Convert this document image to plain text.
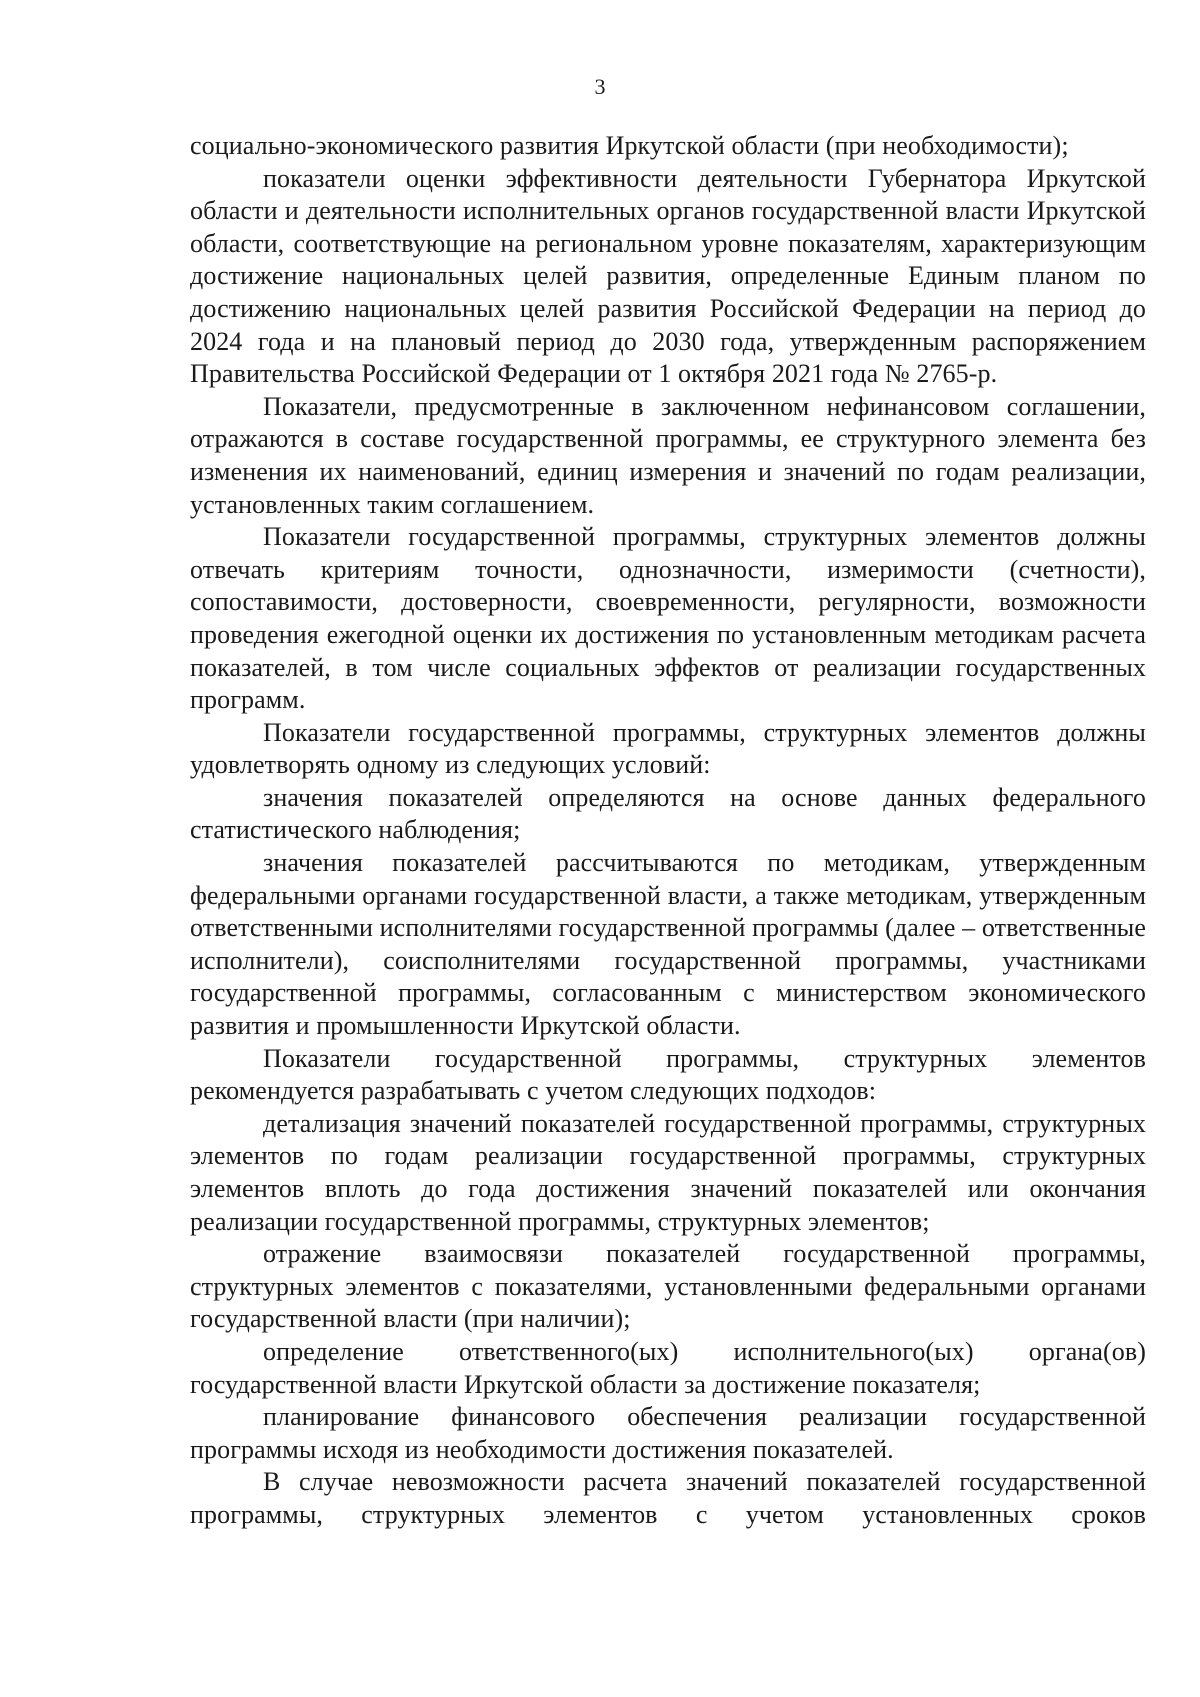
3

социально-экономического развития Иркутской области (при необходимости);

показатели оценки эффективности деятельности Губернатора Иркутской области и деятельности исполнительных органов государственной власти Иркутской области, соответствующие на региональном уровне показателям, характеризующим достижение национальных целей развития, определенные Единым планом по достижению национальных целей развития Российской Федерации на период до 2024 года и на плановый период до 2030 года, утвержденным распоряжением Правительства Российской Федерации от 1 октября 2021 года № 2765-р.

Показатели, предусмотренные в заключенном нефинансовом соглашении, отражаются в составе государственной программы, ее структурного элемента без изменения их наименований, единиц измерения и значений по годам реализации, установленных таким соглашением.

Показатели государственной программы, структурных элементов должны отвечать критериям точности, однозначности, измеримости (счетности), сопоставимости, достоверности, своевременности, регулярности, возможности проведения ежегодной оценки их достижения по установленным методикам расчета показателей, в том числе социальных эффектов от реализации государственных программ.

Показатели государственной программы, структурных элементов должны удовлетворять одному из следующих условий:

значения показателей определяются на основе данных федерального статистического наблюдения;

значения показателей рассчитываются по методикам, утвержденным федеральными органами государственной власти, а также методикам, утвержденным ответственными исполнителями государственной программы (далее – ответственные исполнители), соисполнителями государственной программы, участниками государственной программы, согласованным с министерством экономического развития и промышленности Иркутской области.

Показатели государственной программы, структурных элементов рекомендуется разрабатывать с учетом следующих подходов:

детализация значений показателей государственной программы, структурных элементов по годам реализации государственной программы, структурных элементов вплоть до года достижения значений показателей или окончания реализации государственной программы, структурных элементов;

отражение взаимосвязи показателей государственной программы, структурных элементов с показателями, установленными федеральными органами государственной власти (при наличии);

определение ответственного(ых) исполнительного(ых) органа(ов) государственной власти Иркутской области за достижение показателя;

планирование финансового обеспечения реализации государственной программы исходя из необходимости достижения показателей.

В случае невозможности расчета значений показателей государственной программы, структурных элементов с учетом установленных сроков
